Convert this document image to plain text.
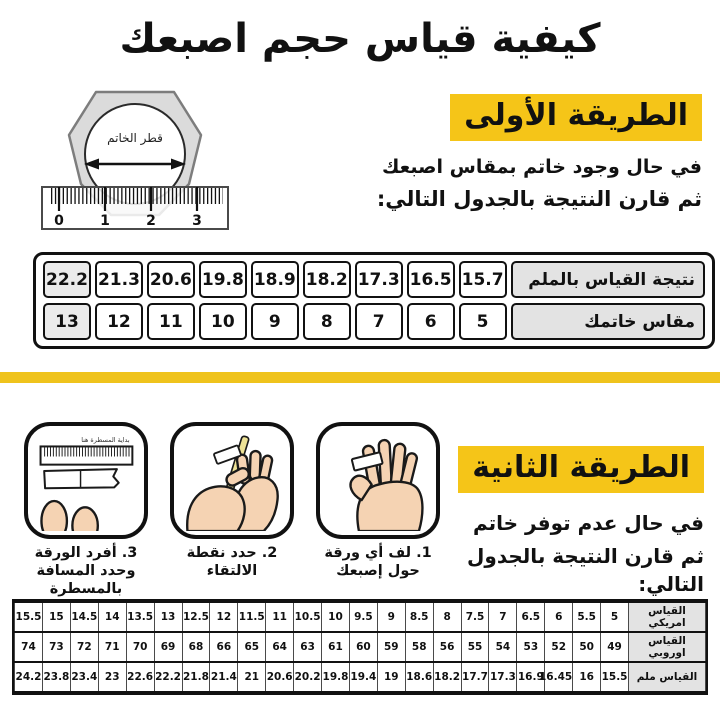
كيفية قياس حجم اصبعك
قطر الخاتم
0	1	2	3
الطريقة الأولى
في حال وجود خاتم بمقاس اصبعك
ثم قارن النتيجة بالجدول التالي:
نتيجة القياس بالملم	15.7	16.5	17.3	18.2	18.9	19.8	20.6	21.3	22.2
مقاس خاتمك	5	6	7	8	9	10	11	12	13
1. لف أي ورقة حول إصبعك
2. حدد نقطة الالتقاء
بداية المسطرة هنا
3. أفرد الورقة وحدد المسافة بالمسطرة
الطريقة الثانية
في حال عدم توفر خاتم
ثم قارن النتيجة بالجدول التالي:
القياس امريكي	5	5.5	6	6.5	7	7.5	8	8.5	9	9.5	10	10.5	11	11.5	12	12.5	13	13.5	14	14.5	15	15.5
القياس اوروبي	49	50	52	53	54	55	56	58	59	60	61	63	64	65	66	68	69	70	71	72	73	74
القياس ملم	15.5	16	16.45	16.9	17.3	17.7	18.2	18.6	19	19.4	19.8	20.2	20.6	21	21.4	21.8	22.2	22.6	23	23.4	23.8	24.2
